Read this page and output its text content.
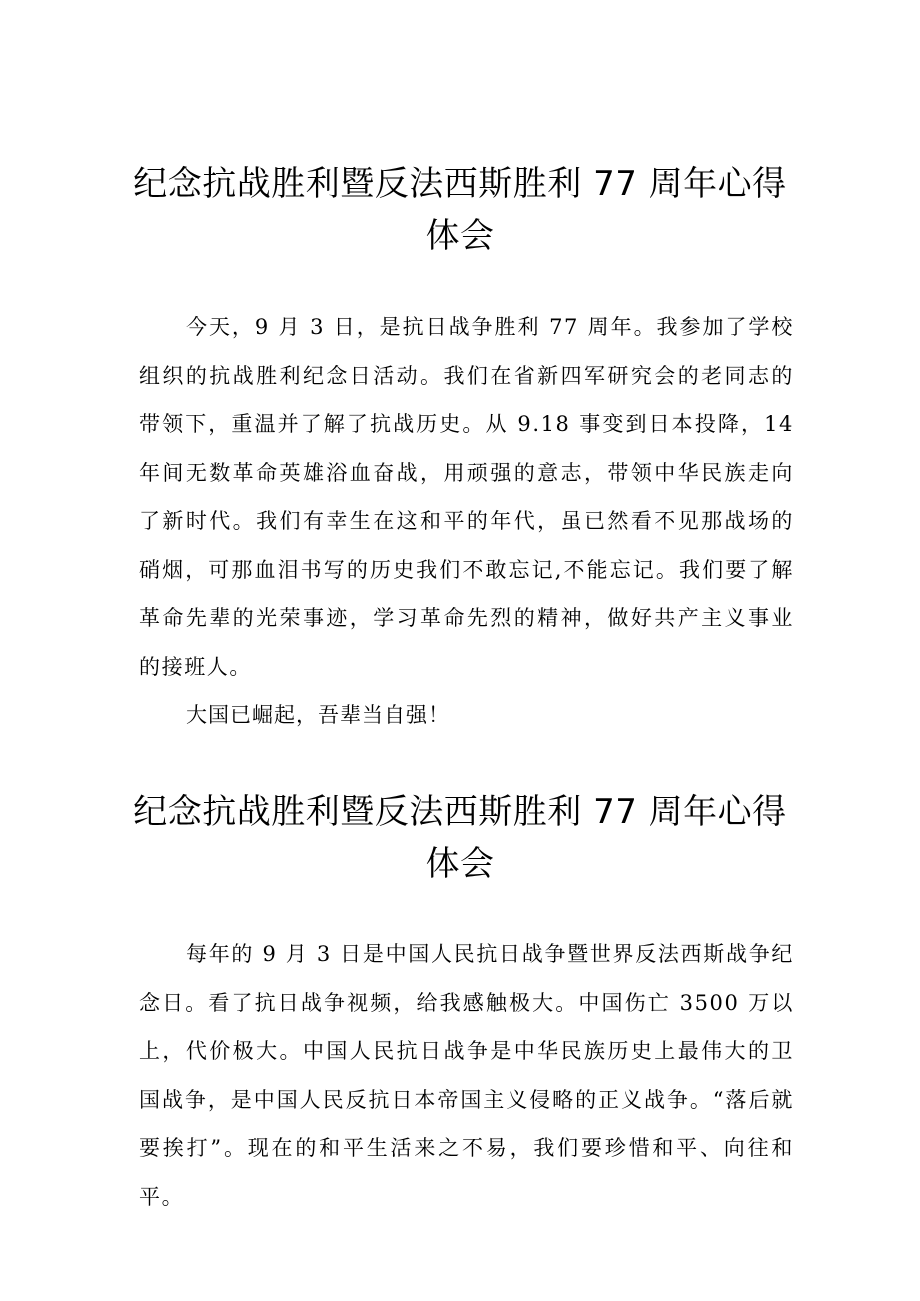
纪念抗战胜利暨反法西斯胜利 77 周年心得
体会

今天，9 月 3 日，是抗日战争胜利 77 周年。我参加了学校组织的抗战胜利纪念日活动。我们在省新四军研究会的老同志的带领下，重温并了解了抗战历史。从 9.18 事变到日本投降，14 年间无数革命英雄浴血奋战，用顽强的意志，带领中华民族走向了新时代。我们有幸生在这和平的年代，虽已然看不见那战场的硝烟，可那血泪书写的历史我们不敢忘记,不能忘记。我们要了解革命先辈的光荣事迹，学习革命先烈的精神，做好共产主义事业的接班人。

大国已崛起，吾辈当自强！

纪念抗战胜利暨反法西斯胜利 77 周年心得
体会

每年的 9 月 3 日是中国人民抗日战争暨世界反法西斯战争纪念日。看了抗日战争视频，给我感触极大。中国伤亡 3500 万以上，代价极大。中国人民抗日战争是中华民族历史上最伟大的卫国战争，是中国人民反抗日本帝国主义侵略的正义战争。“落后就要挨打”。现在的和平生活来之不易，我们要珍惜和平、向往和平。
